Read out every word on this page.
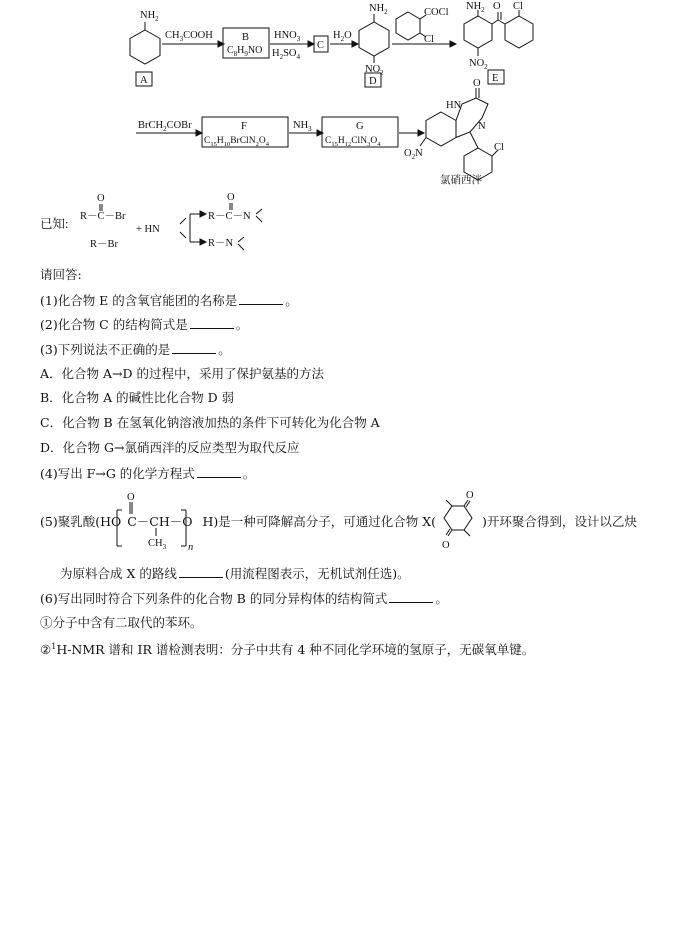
$NH_2$
A
$CH_3COOH$	B
$C_8H_9NO$
$HNO_3$
$H_2SO_4$
C
$H_2O$
$NH_2$
$NO_2$
D
COCl
Cl
$NH_2$ O Cl
$NO_2$
E
BrCH$_2$COBr	F
$C_{15}H_{10}BrClN_2O_4$
$NH_3$	G
$C_{15}H_{12}ClN_3O_4$
O
HN
N
Cl
$O_2N$
氯硝西泮
已知:
O
R－C－Br
R－Br
+ HN
O
R－C－N
R－N
O
$CH_3$ n
O
O
请回答:
(1)化合物 E 的含氧官能团的名称是	。
(2)化合物 C 的结构简式是	。
(3)下列说法不正确的是	。
A．化合物 A→D 的过程中，采用了保护氨基的方法
B．化合物 A 的碱性比化合物 D 弱
C．化合物 B 在氢氧化钠溶液加热的条件下可转化为化合物 A
D．化合物 G→氯硝西泮的反应类型为取代反应
(4)写出 F→G 的化学方程式	。
(5)聚乳酸(HO C－CH－O H)是一种可降解高分子，可通过化合物 X(	)开环聚合得到，设计以乙炔
为原料合成 X 的路线	(用流程图表示，无机试剂任选)。
(6)写出同时符合下列条件的化合物 B 的同分异构体的结构简式	。
①分子中含有二取代的苯环。
②$^1$H-NMR 谱和 IR 谱检测表明：分子中共有 4 种不同化学环境的氢原子，无碳氧单键。
